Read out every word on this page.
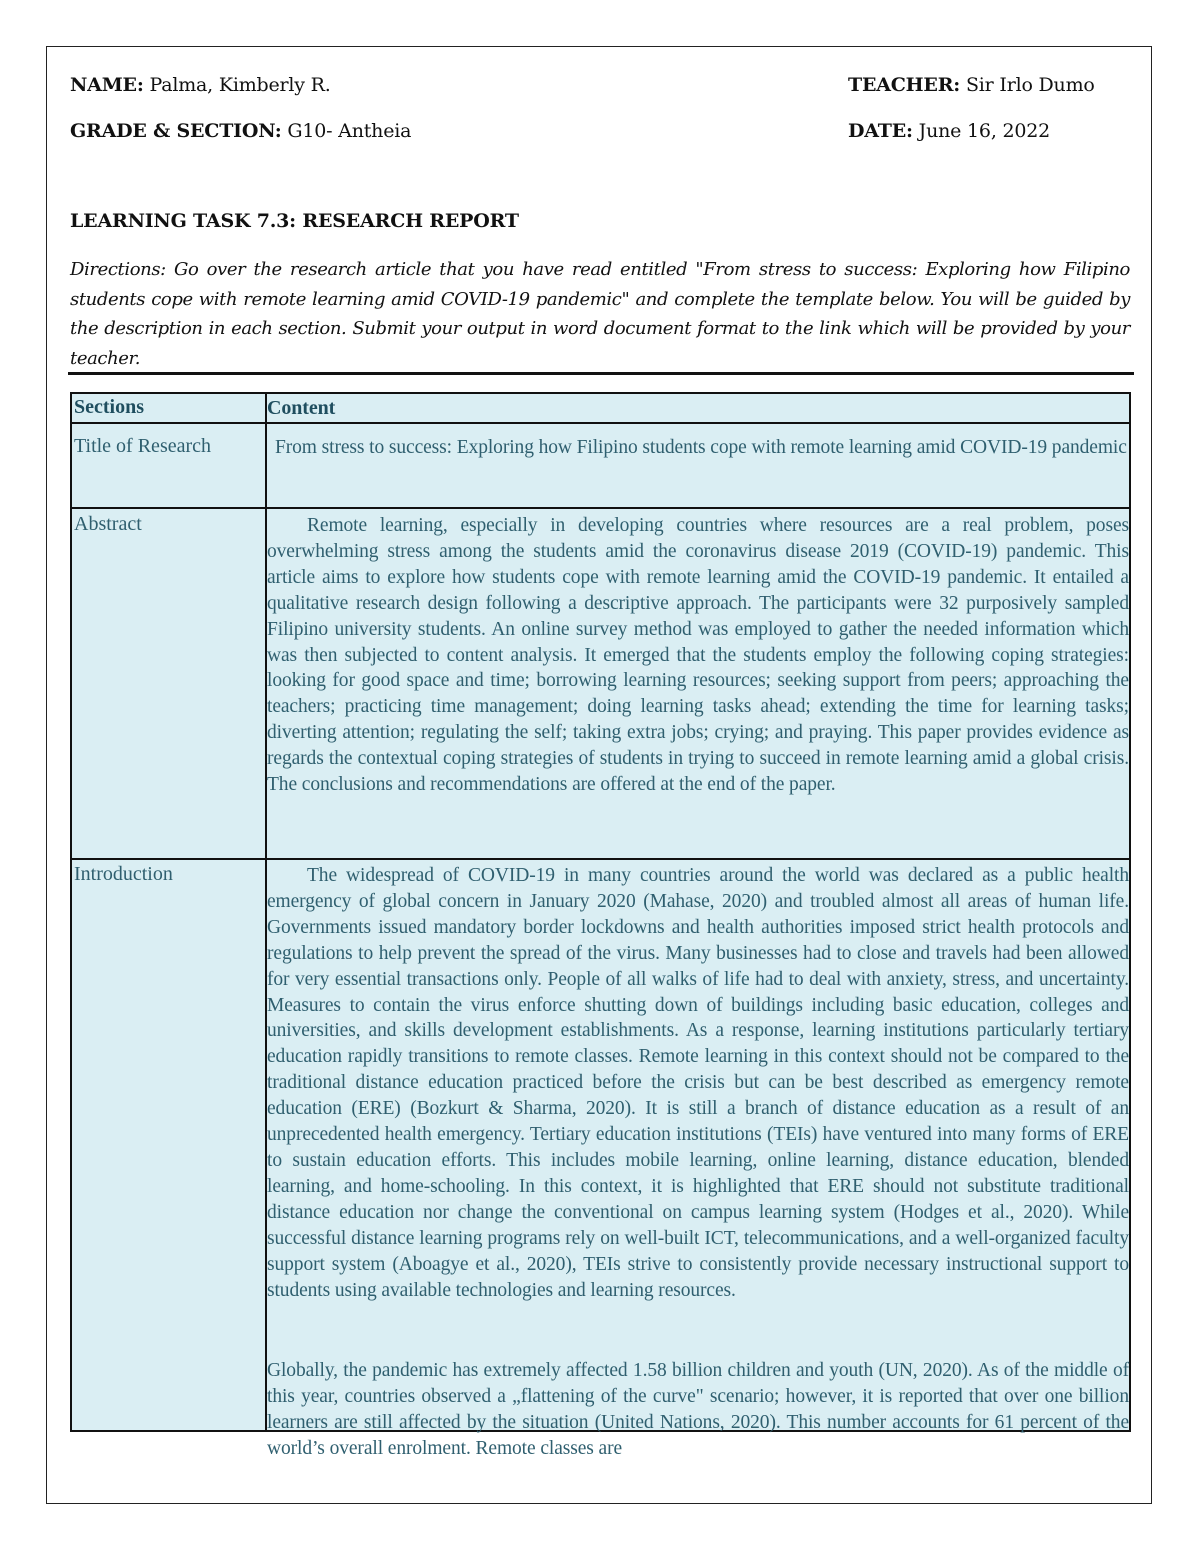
NAME: Palma, Kimberly R.	TEACHER: Sir Irlo Dumo
GRADE & SECTION: G10- Antheia	DATE: June 16, 2022
LEARNING TASK 7.3: RESEARCH REPORT
Directions: Go over the research article that you have read entitled "From stress to success: Exploring how Filipino students cope with remote learning amid COVID-19 pandemic" and complete the template below. You will be guided by the description in each section. Submit your output in word document format to the link which will be provided by your teacher.
Sections	Content
Title of Research	From stress to success: Exploring how Filipino students cope with remote learning amid COVID-19 pandemic
Abstract	Remote learning, especially in developing countries where resources are a real problem, poses overwhelming stress among the students amid the coronavirus disease 2019 (COVID-19) pandemic. This article aims to explore how students cope with remote learning amid the COVID-19 pandemic. It entailed a qualitative research design following a descriptive approach. The participants were 32 purposively sampled Filipino university students. An online survey method was employed to gather the needed information which was then subjected to content analysis. It emerged that the students employ the following coping strategies: looking for good space and time; borrowing learning resources; seeking support from peers; approaching the teachers; practicing time management; doing learning tasks ahead; extending the time for learning tasks; diverting attention; regulating the self; taking extra jobs; crying; and praying. This paper provides evidence as regards the contextual coping strategies of students in trying to succeed in remote learning amid a global crisis. The conclusions and recommendations are offered at the end of the paper.
Introduction	The widespread of COVID-19 in many countries around the world was declared as a public health emergency of global concern in January 2020 (Mahase, 2020) and troubled almost all areas of human life. Governments issued mandatory border lockdowns and health authorities imposed strict health protocols and regulations to help prevent the spread of the virus. Many businesses had to close and travels had been allowed for very essential transactions only. People of all walks of life had to deal with anxiety, stress, and uncertainty. Measures to contain the virus enforce shutting down of buildings including basic education, colleges and universities, and skills development establishments. As a response, learning institutions particularly tertiary education rapidly transitions to remote classes. Remote learning in this context should not be compared to the traditional distance education practiced before the crisis but can be best described as emergency remote education (ERE) (Bozkurt & Sharma, 2020). It is still a branch of distance education as a result of an unprecedented health emergency. Tertiary education institutions (TEIs) have ventured into many forms of ERE to sustain education efforts. This includes mobile learning, online learning, distance education, blended learning, and home-schooling. In this context, it is highlighted that ERE should not substitute traditional distance education nor change the conventional on campus learning system (Hodges et al., 2020). While successful distance learning programs rely on well-built ICT, telecommunications, and a well-organized faculty support system (Aboagye et al., 2020), TEIs strive to consistently provide necessary instructional support to students using available technologies and learning resources.
Globally, the pandemic has extremely affected 1.58 billion children and youth (UN, 2020). As of the middle of this year, countries observed a „flattening of the curve" scenario; however, it is reported that over one billion learners are still affected by the situation (United Nations, 2020). This number accounts for 61 percent of the world’s overall enrolment. Remote classes are
